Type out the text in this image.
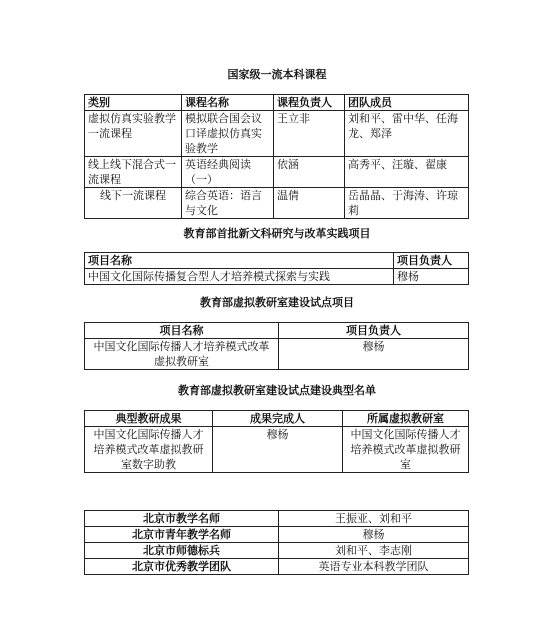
国家级一流本科课程
类别	课程名称	课程负责人	团队成员
虚拟仿真实验教学一流课程	模拟联合国会议口译虚拟仿真实验教学	王立非	刘和平、雷中华、任海龙、郑泽
线上线下混合式一流课程	英语经典阅读（一）	依涵	高秀平、汪璇、翟康
线下一流课程	综合英语：语言与文化	温倩	岳晶晶、于海涛、许琼莉
教育部首批新文科研究与改革实践项目
项目名称	项目负责人
中国文化国际传播复合型人才培养模式探索与实践	穆杨
教育部虚拟教研室建设试点项目
项目名称	项目负责人
中国文化国际传播人才培养模式改革虚拟教研室	穆杨
教育部虚拟教研室建设试点建设典型名单
典型教研成果	成果完成人	所属虚拟教研室
中国文化国际传播人才培养模式改革虚拟教研室数字助教	穆杨	中国文化国际传播人才培养模式改革虚拟教研室
北京市教学名师	王振亚、刘和平
北京市青年教学名师	穆杨
北京市师德标兵	刘和平、李志刚
北京市优秀教学团队	英语专业本科教学团队
